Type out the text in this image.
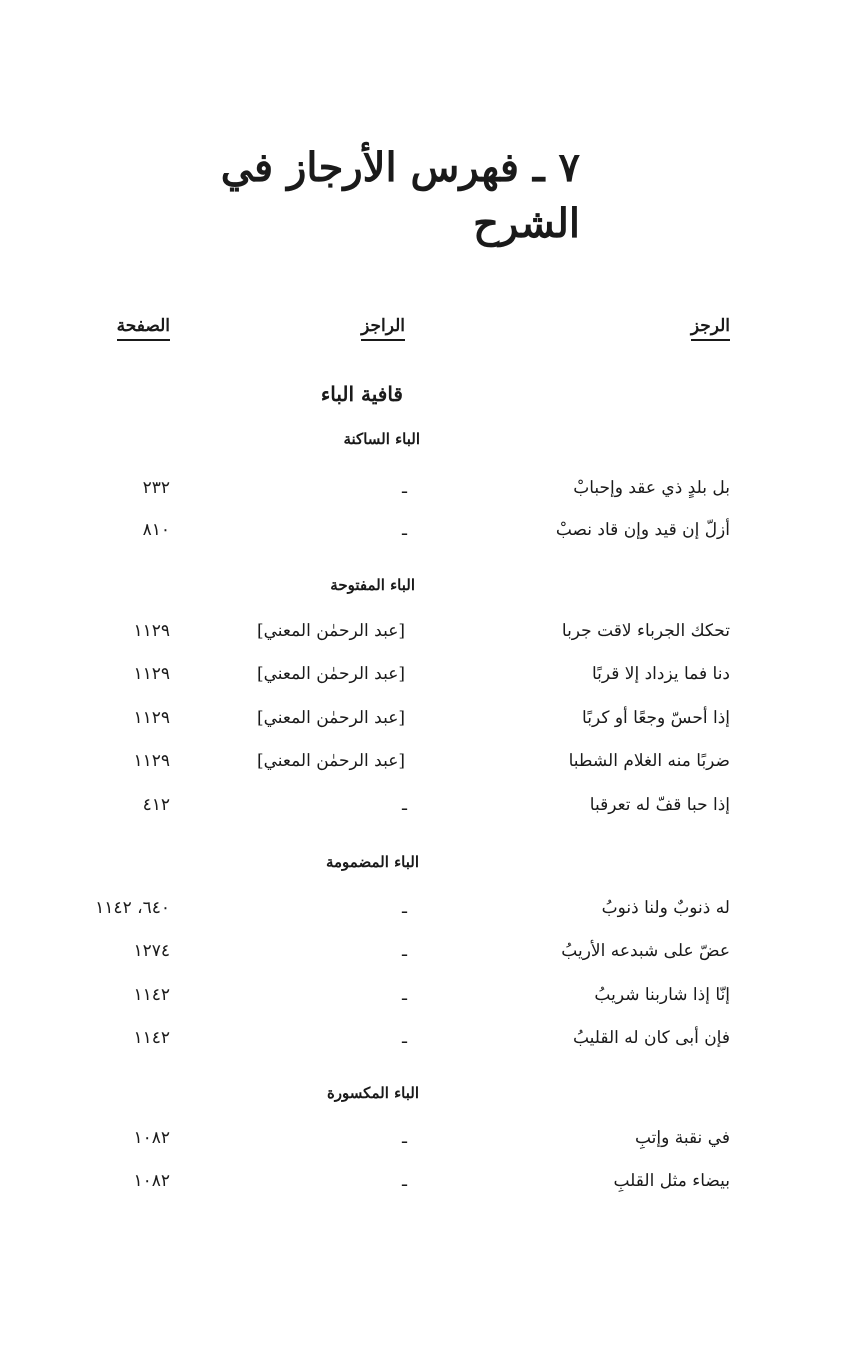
٧ ـ فهرس الأرجاز في الشرح
الرجز
الراجز
الصفحة
قافية الباء
الباء الساكنة
بل بلدٍ ذي عقد وإحبابْ
ـ
٢٣٢
أزلّ إن قيد وإن قاد نصبْ
ـ
٨١٠
الباء المفتوحة
تحكك الجرباء لاقت جربا
[عبد الرحمٰن المعني]
١١٢٩
دنا فما يزداد إلا قربًا
[عبد الرحمٰن المعني]
١١٢٩
إذا أحسّ وجعًا أو كربًا
[عبد الرحمٰن المعني]
١١٢٩
ضربًا منه الغلام الشطبا
[عبد الرحمٰن المعني]
١١٢٩
إذا حبا قفّ له تعرقبا
ـ
٤١٢
الباء المضمومة
له ذنوبٌ ولنا ذنوبُ
ـ
٦٤٠، ١١٤٢
عضّ على شبدعه الأريبُ
ـ
١٢٧٤
إنّا إذا شاربنا شريبُ
ـ
١١٤٢
فإن أبى كان له القليبُ
ـ
١١٤٢
الباء المكسورة
في نقبة وإتبِ
ـ
١٠٨٢
بيضاء مثل القلبِ
ـ
١٠٨٢
